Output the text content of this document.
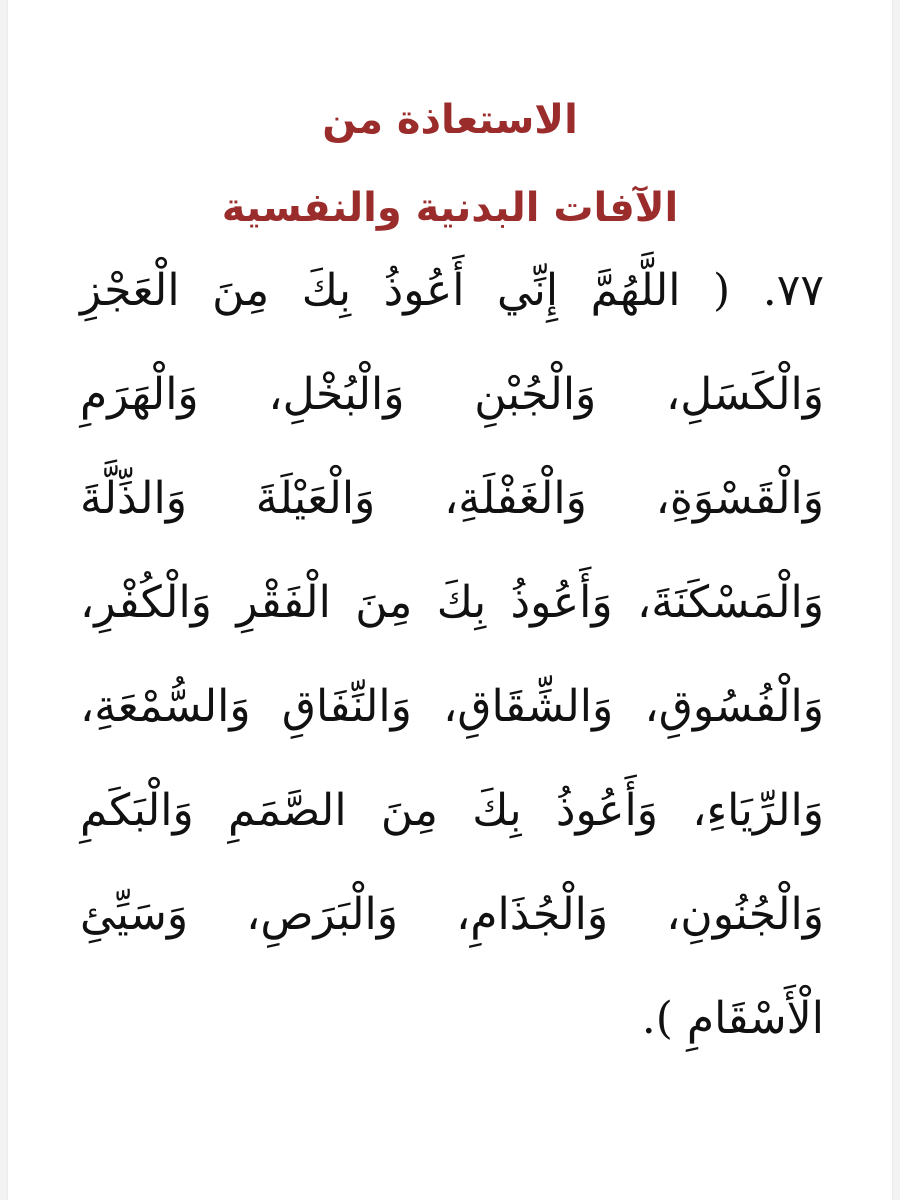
الاستعاذة من
الآفات البدنية والنفسية
٧٧. ( اللَّهُمَّ إِنِّي أَعُوذُ بِكَ مِنَ الْعَجْزِ
وَالْكَسَلِ، وَالْجُبْنِ وَالْبُخْلِ، وَالْهَرَمِ
وَالْقَسْوَةِ، وَالْغَفْلَةِ، وَالْعَيْلَةَ وَالذِّلَّةَ
وَالْمَسْكَنَةَ، وَأَعُوذُ بِكَ مِنَ الْفَقْرِ وَالْكُفْرِ،
وَالْفُسُوقِ، وَالشِّقَاقِ، وَالنِّفَاقِ وَالسُّمْعَةِ،
وَالرِّيَاءِ، وَأَعُوذُ بِكَ مِنَ الصَّمَمِ وَالْبَكَمِ
وَالْجُنُونِ، وَالْجُذَامِ، وَالْبَرَصِ، وَسَيِّئِ
الْأَسْقَامِ ).
